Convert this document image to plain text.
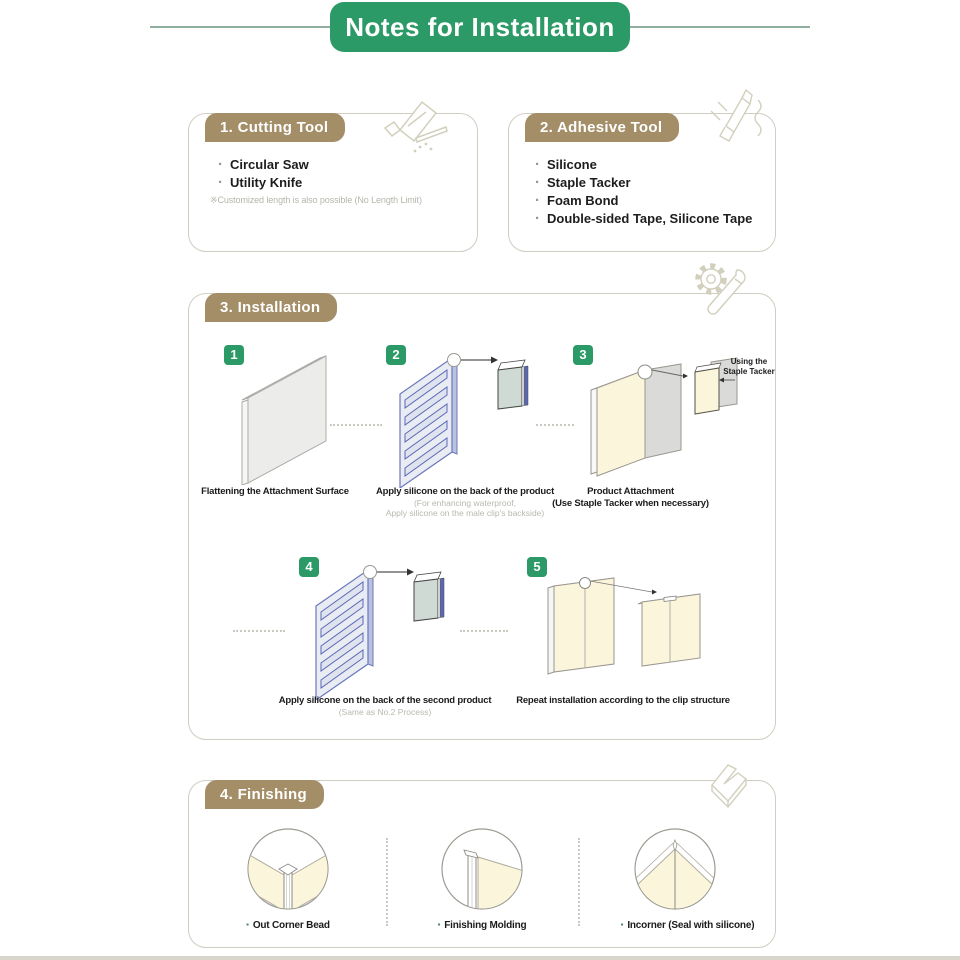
Notes for Installation
1. Cutting Tool
· Circular Saw
· Utility Knife
※Customized length is also possible (No Length Limit)
2. Adhesive Tool
· Silicone
· Staple Tacker
· Foam Bond
· Double-sided Tape, Silicone Tape
3. Installation
1	2	3
4	5
Using the
Staple Tacker
Flattening the Attachment Surface	Apply silicone on the back of the product
(For enhancing waterproof,
Apply silicone on the male clip's backside)
Product Attachment
(Use Staple Tacker when necessary)
Apply silicone on the back of the second product
(Same as No.2 Process)
Repeat installation according to the clip structure
4. Finishing
▪ Out Corner Bead	▪ Finishing Molding	▪ Incorner (Seal with silicone)
